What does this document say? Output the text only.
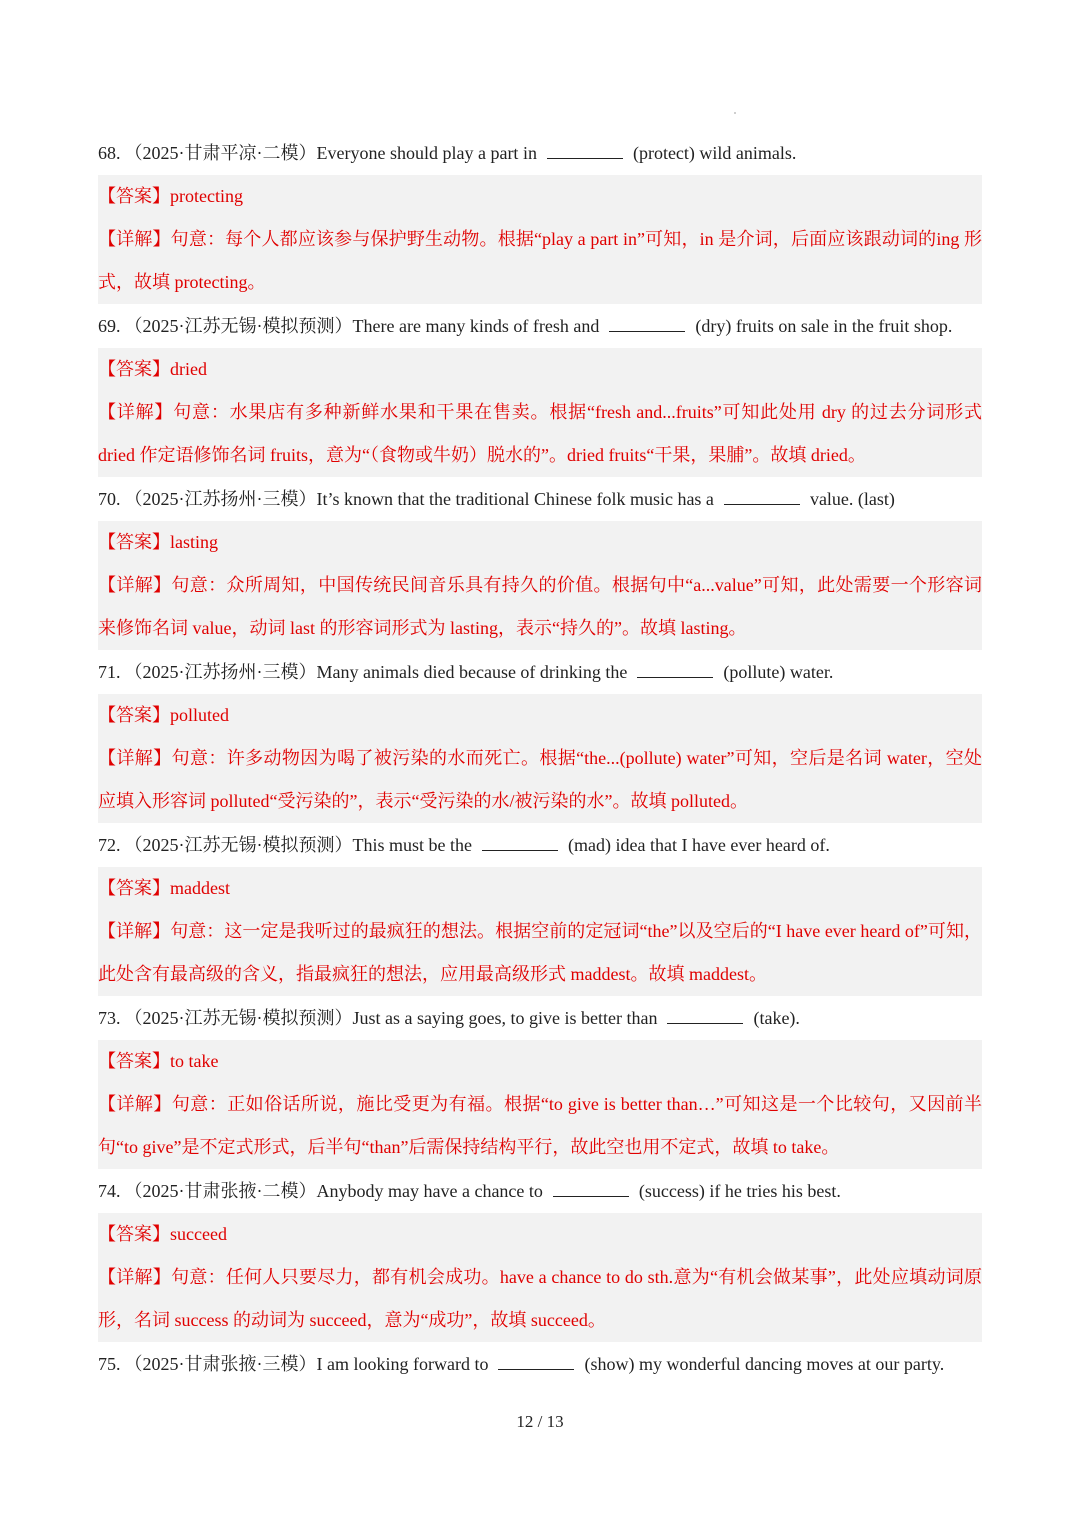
68. （2025·甘肃平凉·二模）Everyone should play a part in	(protect) wild animals.
【答案】protecting
【详解】句意：每个人都应该参与保护野生动物。根据“play a part in”可知，in 是介词，后面应该跟动词的ing 形式，故填 protecting。
69. （2025·江苏无锡·模拟预测）There are many kinds of fresh and	(dry) fruits on sale in the fruit shop.
【答案】dried
【详解】句意：水果店有多种新鲜水果和干果在售卖。根据“fresh and...fruits”可知此处用 dry 的过去分词形式 dried 作定语修饰名词 fruits，意为“（食物或牛奶）脱水的”。dried fruits“干果，果脯”。故填 dried。
70. （2025·江苏扬州·三模）It’s known that the traditional Chinese folk music has a	value. (last)
【答案】lasting
【详解】句意：众所周知，中国传统民间音乐具有持久的价值。根据句中“a...value”可知，此处需要一个形容词来修饰名词 value，动词 last 的形容词形式为 lasting，表示“持久的”。故填 lasting。
71. （2025·江苏扬州·三模）Many animals died because of drinking the	(pollute) water.
【答案】polluted
【详解】句意：许多动物因为喝了被污染的水而死亡。根据“the...(pollute) water”可知，空后是名词 water，空处应填入形容词 polluted“受污染的”，表示“受污染的水/被污染的水”。故填 polluted。
72. （2025·江苏无锡·模拟预测）This must be the	(mad) idea that I have ever heard of.
【答案】maddest
【详解】句意：这一定是我听过的最疯狂的想法。根据空前的定冠词“the”以及空后的“I have ever heard of”可知，此处含有最高级的含义，指最疯狂的想法，应用最高级形式 maddest。故填 maddest。
73. （2025·江苏无锡·模拟预测）Just as a saying goes, to give is better than	(take).
【答案】to take
【详解】句意：正如俗话所说，施比受更为有福。根据“to give is better than…”可知这是一个比较句，又因前半句“to give”是不定式形式，后半句“than”后需保持结构平行，故此空也用不定式，故填 to take。
74. （2025·甘肃张掖·二模）Anybody may have a chance to	(success) if he tries his best.
【答案】succeed
【详解】句意：任何人只要尽力，都有机会成功。have a chance to do sth.意为“有机会做某事”，此处应填动词原形，名词 success 的动词为 succeed，意为“成功”，故填 succeed。
75. （2025·甘肃张掖·三模）I am looking forward to	(show) my wonderful dancing moves at our party.
12 / 13
